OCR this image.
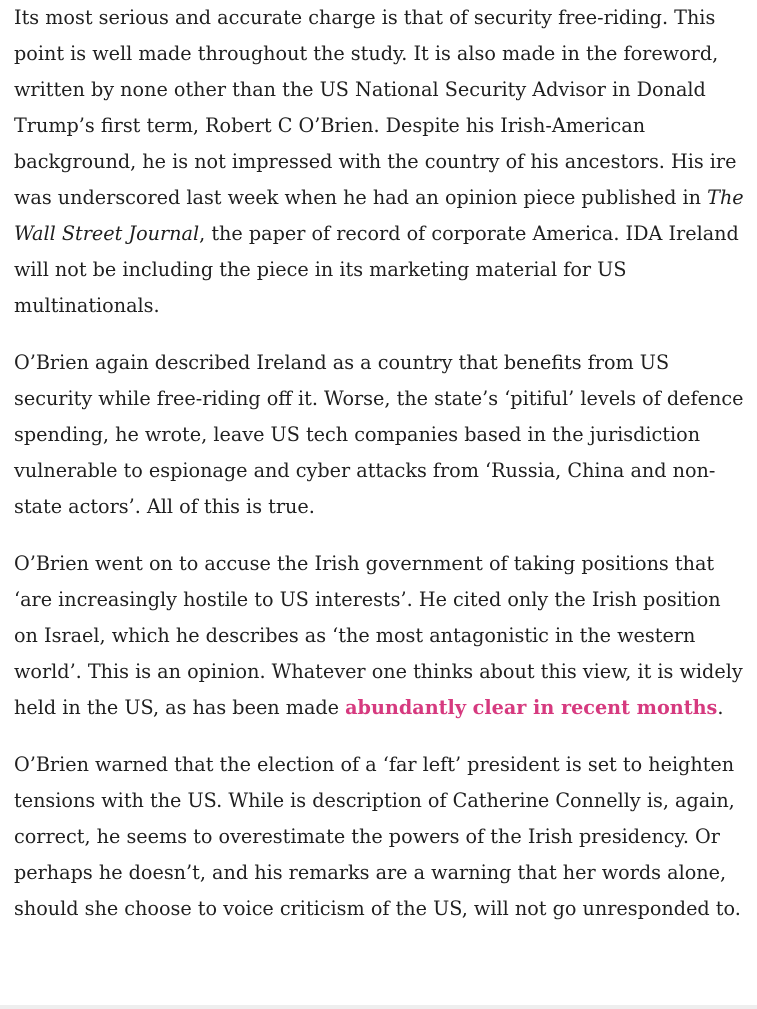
Its most serious and accurate charge is that of security free-riding. This point is well made throughout the study. It is also made in the foreword, written by none other than the US National Security Advisor in Donald Trump’s first term, Robert C O’Brien. Despite his Irish-American background, he is not impressed with the country of his ancestors. His ire was underscored last week when he had an opinion piece published in The Wall Street Journal, the paper of record of corporate America. IDA Ireland will not be including the piece in its marketing material for US multinationals.

O’Brien again described Ireland as a country that benefits from US security while free-riding off it. Worse, the state’s ‘pitiful’ levels of defence spending, he wrote, leave US tech companies based in the jurisdiction vulnerable to espionage and cyber attacks from ‘Russia, China and non-state actors’. All of this is true.

O’Brien went on to accuse the Irish government of taking positions that ‘are increasingly hostile to US interests’. He cited only the Irish position on Israel, which he describes as ‘the most antagonistic in the western world’. This is an opinion. Whatever one thinks about this view, it is widely held in the US, as has been made abundantly clear in recent months.

O’Brien warned that the election of a ‘far left’ president is set to heighten tensions with the US. While is description of Catherine Connelly is, again, correct, he seems to overestimate the powers of the Irish presidency. Or perhaps he doesn’t, and his remarks are a warning that her words alone, should she choose to voice criticism of the US, will not go unresponded to.
